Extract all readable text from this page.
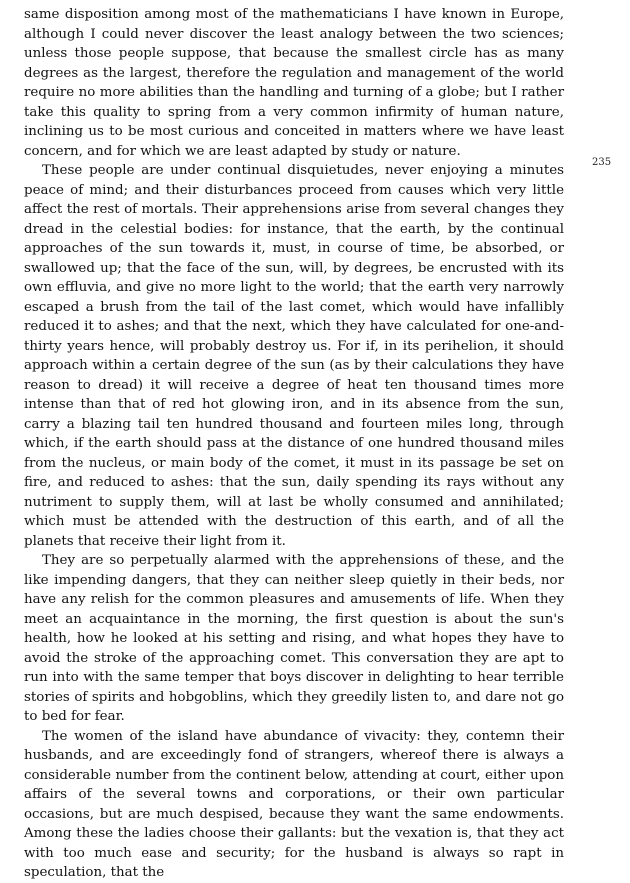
same disposition among most of the mathematicians I have known in Europe, although I could never discover the least analogy between the two sciences; unless those people suppose, that because the smallest circle has as many degrees as the largest, therefore the regulation and management of the world require no more abilities than the handling and turning of a globe; but I rather take this quality to spring from a very common infirmity of human nature, inclining us to be most curious and conceited in matters where we have least concern, and for which we are least adapted by study or nature.

These people are under continual disquietudes, never enjoying a minutes peace of mind; and their disturbances proceed from causes which very little affect the rest of mortals. Their apprehensions arise from several changes they dread in the celestial bodies: for instance, that the earth, by the continual approaches of the sun towards it, must, in course of time, be absorbed, or swallowed up; that the face of the sun, will, by degrees, be encrusted with its own effluvia, and give no more light to the world; that the earth very narrowly escaped a brush from the tail of the last comet, which would have infallibly reduced it to ashes; and that the next, which they have calculated for one-and-thirty years hence, will probably destroy us. For if, in its perihelion, it should approach within a certain degree of the sun (as by their calculations they have reason to dread) it will receive a degree of heat ten thousand times more intense than that of red hot glowing iron, and in its absence from the sun, carry a blazing tail ten hundred thousand and fourteen miles long, through which, if the earth should pass at the distance of one hundred thousand miles from the nucleus, or main body of the comet, it must in its passage be set on fire, and reduced to ashes: that the sun, daily spending its rays without any nutriment to supply them, will at last be wholly consumed and annihilated; which must be attended with the destruction of this earth, and of all the planets that receive their light from it.

They are so perpetually alarmed with the apprehensions of these, and the like impending dangers, that they can neither sleep quietly in their beds, nor have any relish for the common pleasures and amusements of life. When they meet an acquaintance in the morning, the first question is about the sun's health, how he looked at his setting and rising, and what hopes they have to avoid the stroke of the approaching comet. This conversation they are apt to run into with the same temper that boys discover in delighting to hear terrible stories of spirits and hobgoblins, which they greedily listen to, and dare not go to bed for fear.

The women of the island have abundance of vivacity: they, contemn their husbands, and are exceedingly fond of strangers, whereof there is always a considerable number from the continent below, attending at court, either upon affairs of the several towns and corporations, or their own particular occasions, but are much despised, because they want the same endowments. Among these the ladies choose their gallants: but the vexation is, that they act with too much ease and security; for the husband is always so rapt in speculation, that the

235
